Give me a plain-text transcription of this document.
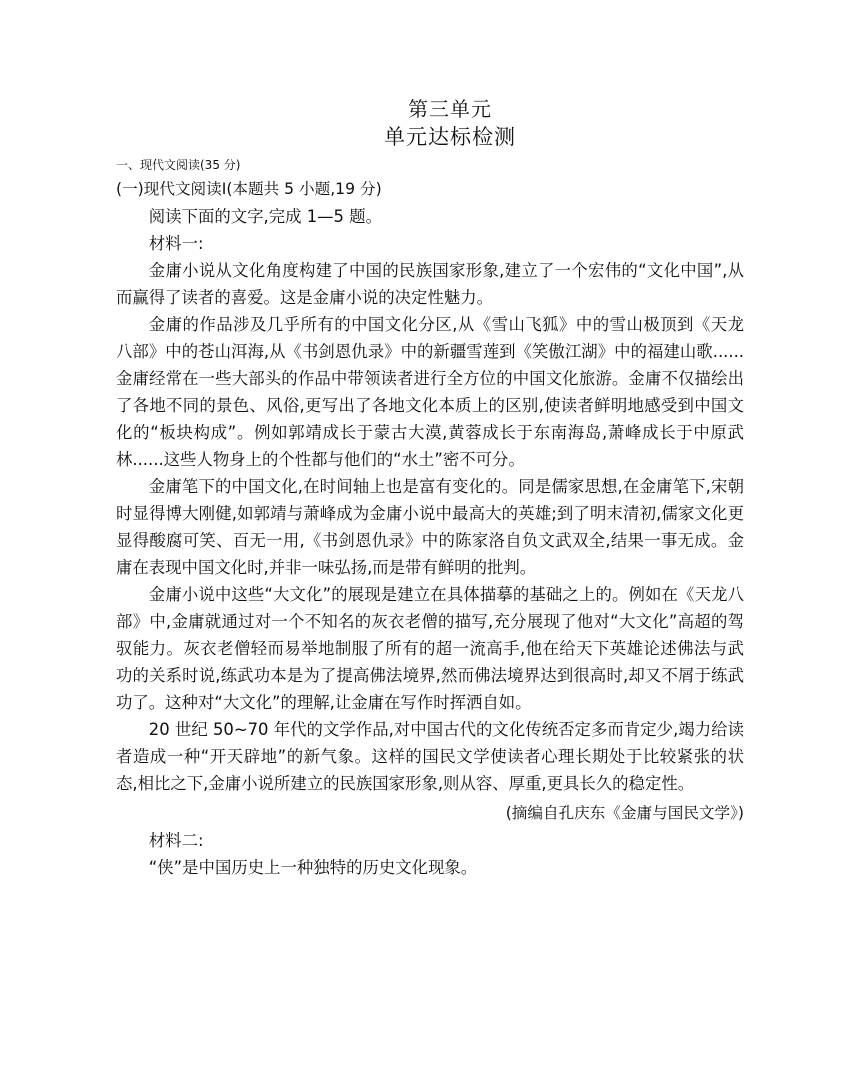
第三单元
单元达标检测
一、现代文阅读(35 分)
(一)现代文阅读Ⅰ(本题共 5 小题,19 分)

阅读下面的文字,完成 1—5 题。

材料一:

金庸小说从文化角度构建了中国的民族国家形象,建立了一个宏伟的“文化中国”,从而赢得了读者的喜爱。这是金庸小说的决定性魅力。

金庸的作品涉及几乎所有的中国文化分区,从《雪山飞狐》中的雪山极顶到《天龙八部》中的苍山洱海,从《书剑恩仇录》中的新疆雪莲到《笑傲江湖》中的福建山歌......金庸经常在一些大部头的作品中带领读者进行全方位的中国文化旅游。金庸不仅描绘出了各地不同的景色、风俗,更写出了各地文化本质上的区别,使读者鲜明地感受到中国文化的“板块构成”。例如郭靖成长于蒙古大漠,黄蓉成长于东南海岛,萧峰成长于中原武林......这些人物身上的个性都与他们的“水土”密不可分。

金庸笔下的中国文化,在时间轴上也是富有变化的。同是儒家思想,在金庸笔下,宋朝时显得博大刚健,如郭靖与萧峰成为金庸小说中最高大的英雄;到了明末清初,儒家文化更显得酸腐可笑、百无一用,《书剑恩仇录》中的陈家洛自负文武双全,结果一事无成。金庸在表现中国文化时,并非一味弘扬,而是带有鲜明的批判。

金庸小说中这些“大文化”的展现是建立在具体描摹的基础之上的。例如在《天龙八部》中,金庸就通过对一个不知名的灰衣老僧的描写,充分展现了他对“大文化”高超的驾驭能力。灰衣老僧轻而易举地制服了所有的超一流高手,他在给天下英雄论述佛法与武功的关系时说,练武功本是为了提高佛法境界,然而佛法境界达到很高时,却又不屑于练武功了。这种对“大文化”的理解,让金庸在写作时挥洒自如。

20 世纪 50~70 年代的文学作品,对中国古代的文化传统否定多而肯定少,竭力给读者造成一种“开天辟地”的新气象。这样的国民文学使读者心理长期处于比较紧张的状态,相比之下,金庸小说所建立的民族国家形象,则从容、厚重,更具长久的稳定性。

(摘编自孔庆东《金庸与国民文学》)

材料二:

“侠”是中国历史上一种独特的历史文化现象。
